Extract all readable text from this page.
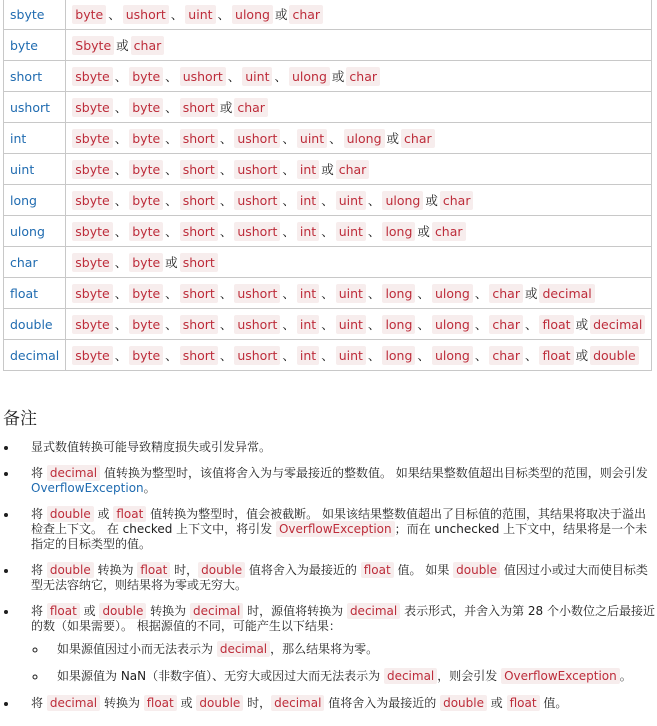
sbyte	byte 、 ushort 、 uint 、 ulong 或 char
byte	Sbyte 或 char
short	sbyte 、 byte 、 ushort 、 uint 、 ulong 或 char
ushort	sbyte 、 byte 、 short 或 char
int	sbyte 、 byte 、 short 、 ushort 、 uint 、 ulong 或 char
uint	sbyte 、 byte 、 short 、 ushort 、 int 或 char
long	sbyte 、 byte 、 short 、 ushort 、 int 、 uint 、 ulong 或 char
ulong	sbyte 、 byte 、 short 、 ushort 、 int 、 uint 、 long 或 char
char	sbyte 、 byte 或 short
float	sbyte 、 byte 、 short 、 ushort 、 int 、 uint 、 long 、 ulong 、 char 或 decimal
double	sbyte 、 byte 、 short 、 ushort 、 int 、 uint 、 long 、 ulong 、 char 、 float 或 decimal
decimal	sbyte 、 byte 、 short 、 ushort 、 int 、 uint 、 long 、 ulong 、 char 、 float 或 double
备注
• 显式数值转换可能导致精度损失或引发异常。
• 将 decimal 值转换为整型时，该值将舍入为与零最接近的整数值。 如果结果整数值超出目标类型的范围，则会引发 OverflowException。
• 将 double 或 float 值转换为整型时，值会被截断。 如果该结果整数值超出了目标值的范围，其结果将取决于溢出检查上下文。 在 checked 上下文中，将引发 OverflowException ；而在 unchecked 上下文中，结果将是一个未指定的目标类型的值。
• 将 double 转换为 float 时， double 值将舍入为最接近的 float 值。 如果 double 值因过小或过大而使目标类型无法容纳它，则结果将为零或无穷大。
• 将 float 或 double 转换为 decimal 时，源值将转换为 decimal 表示形式，并舍入为第 28 个小数位之后最接近的数（如果需要）。 根据源值的不同，可能产生以下结果：
◦ 如果源值因过小而无法表示为 decimal ，那么结果将为零。
◦ 如果源值为 NaN（非数字值）、无穷大或因过大而无法表示为 decimal ，则会引发 OverflowException 。
• 将 decimal 转换为 float 或 double 时， decimal 值将舍入为最接近的 double 或 float 值。
